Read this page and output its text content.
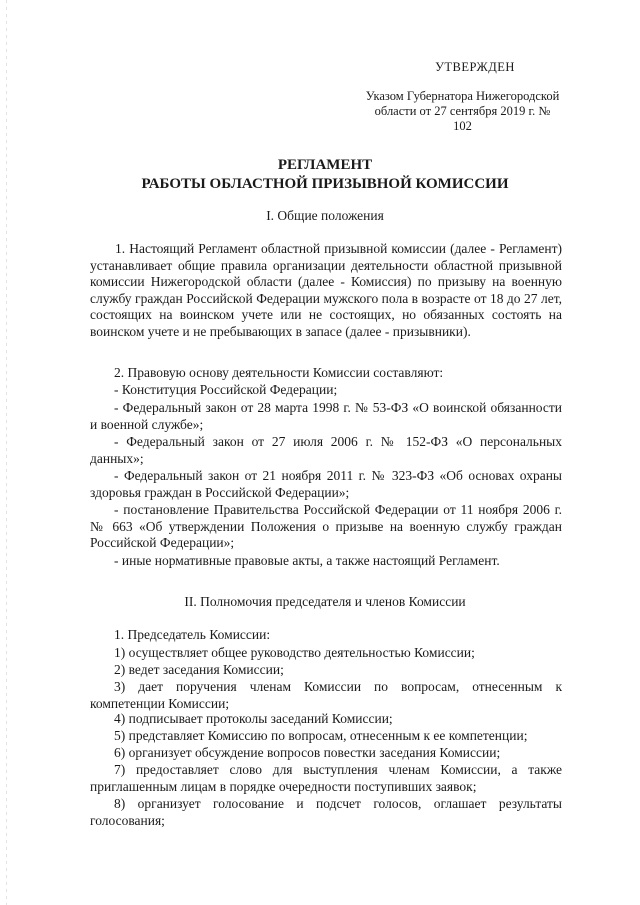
УТВЕРЖДЕН
Указом Губернатора Нижегородской области от 27 сентября 2019 г. № 102
РЕГЛАМЕНТ
РАБОТЫ ОБЛАСТНОЙ ПРИЗЫВНОЙ КОМИССИИ
I. Общие положения
1. Настоящий Регламент областной призывной комиссии (далее - Регламент) устанавливает общие правила организации деятельности областной призывной комиссии Нижегородской области (далее - Комиссия) по призыву на военную службу граждан Российской Федерации мужского пола в возрасте от 18 до 27 лет, состоящих на воинском учете или не состоящих, но обязанных состоять на воинском учете и не пребывающих в запасе (далее - призывники).
2. Правовую основу деятельности Комиссии составляют:
- Конституция Российской Федерации;
- Федеральный закон от 28 марта 1998 г. № 53-ФЗ «О воинской обязанности и военной службе»;
- Федеральный закон от 27 июля 2006 г. № 152-ФЗ «О персональных данных»;
- Федеральный закон от 21 ноября 2011 г. № 323-ФЗ «Об основах охраны здоровья граждан в Российской Федерации»;
- постановление Правительства Российской Федерации от 11 ноября 2006 г. № 663 «Об утверждении Положения о призыве на военную службу граждан Российской Федерации»;
- иные нормативные правовые акты, а также настоящий Регламент.
II. Полномочия председателя и членов Комиссии
1. Председатель Комиссии:
1) осуществляет общее руководство деятельностью Комиссии;
2) ведет заседания Комиссии;
3) дает поручения членам Комиссии по вопросам, отнесенным к компетенции Комиссии;
4) подписывает протоколы заседаний Комиссии;
5) представляет Комиссию по вопросам, отнесенным к ее компетенции;
6) организует обсуждение вопросов повестки заседания Комиссии;
7) предоставляет слово для выступления членам Комиссии, а также приглашенным лицам в порядке очередности поступивших заявок;
8) организует голосование и подсчет голосов, оглашает результаты голосования;
